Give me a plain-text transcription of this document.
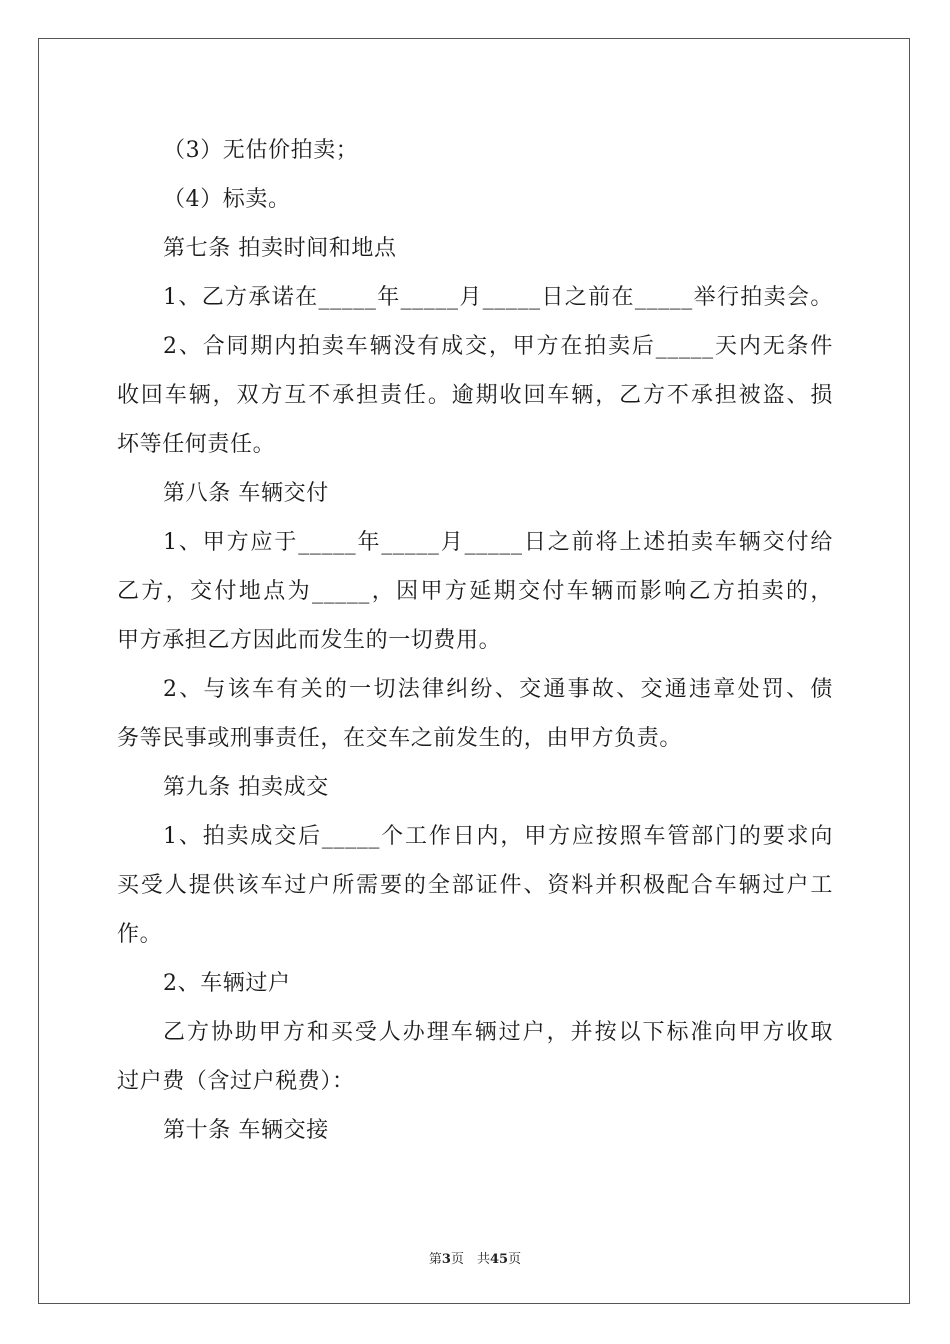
（3）无估价拍卖；
（4）标卖。
第七条 拍卖时间和地点
1、乙方承诺在_____年_____月_____日之前在_____举行拍卖会。
2、合同期内拍卖车辆没有成交，甲方在拍卖后_____天内无条件
收回车辆，双方互不承担责任。逾期收回车辆，乙方不承担被盗、损
坏等任何责任。
第八条 车辆交付
1、甲方应于_____年_____月_____日之前将上述拍卖车辆交付给
乙方，交付地点为_____，因甲方延期交付车辆而影响乙方拍卖的，
甲方承担乙方因此而发生的一切费用。
2、与该车有关的一切法律纠纷、交通事故、交通违章处罚、债
务等民事或刑事责任，在交车之前发生的，由甲方负责。
第九条 拍卖成交
1、拍卖成交后_____个工作日内，甲方应按照车管部门的要求向
买受人提供该车过户所需要的全部证件、资料并积极配合车辆过户工
作。
2、车辆过户
乙方协助甲方和买受人办理车辆过户，并按以下标准向甲方收取
过户费（含过户税费）：
第十条 车辆交接
第3页　共45页
